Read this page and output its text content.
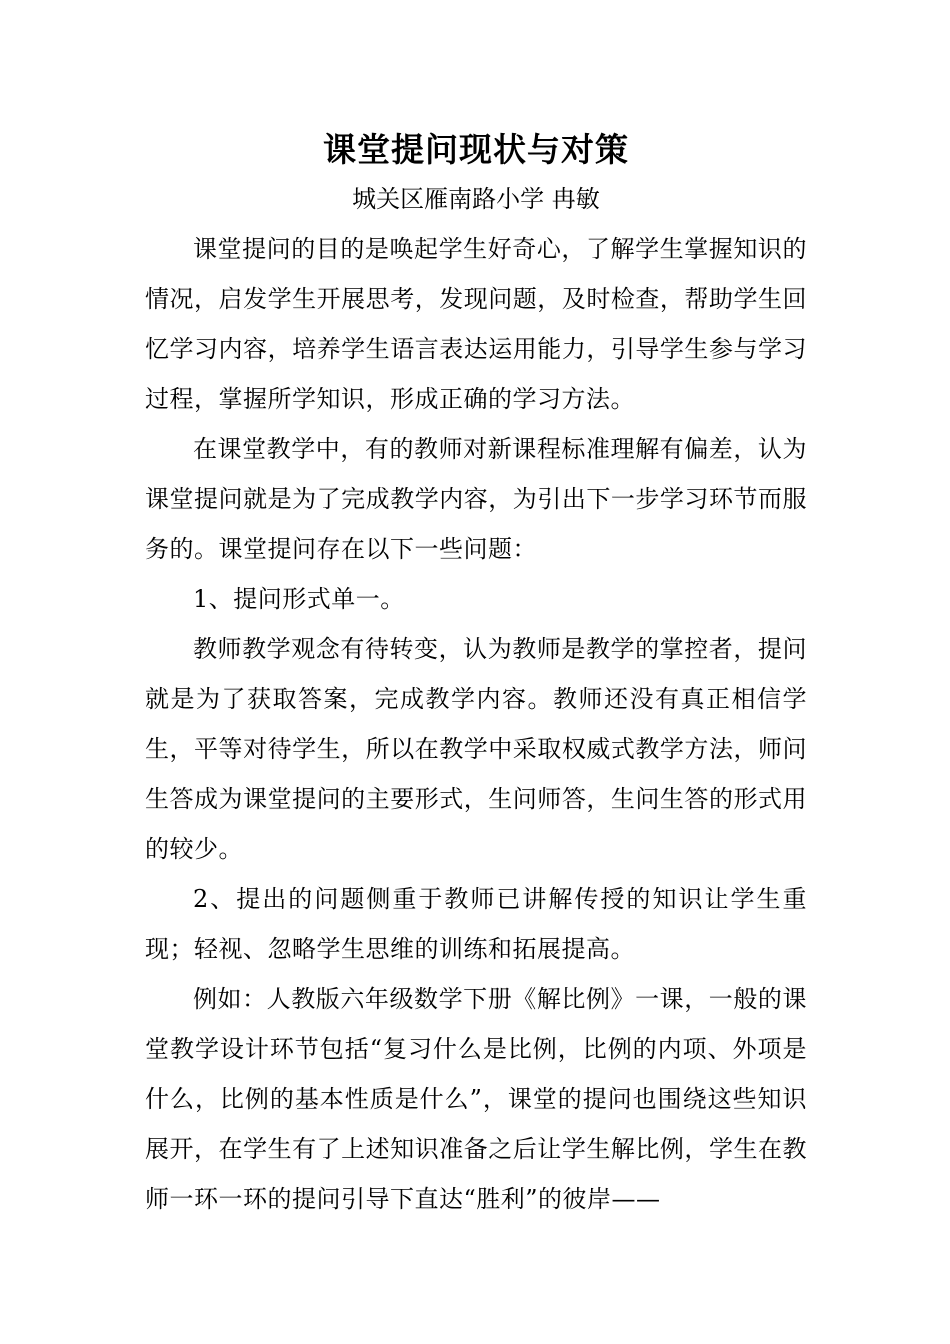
课堂提问现状与对策

城关区雁南路小学 冉敏

课堂提问的目的是唤起学生好奇心，了解学生掌握知识的情况，启发学生开展思考，发现问题，及时检查，帮助学生回忆学习内容，培养学生语言表达运用能力，引导学生参与学习过程，掌握所学知识，形成正确的学习方法。

在课堂教学中，有的教师对新课程标准理解有偏差，认为课堂提问就是为了完成教学内容，为引出下一步学习环节而服务的。课堂提问存在以下一些问题：

1、提问形式单一。

教师教学观念有待转变，认为教师是教学的掌控者，提问就是为了获取答案，完成教学内容。教师还没有真正相信学生，平等对待学生，所以在教学中采取权威式教学方法，师问生答成为课堂提问的主要形式，生问师答，生问生答的形式用的较少。

2、提出的问题侧重于教师已讲解传授的知识让学生重现；轻视、忽略学生思维的训练和拓展提高。

例如：人教版六年级数学下册《解比例》一课，一般的课堂教学设计环节包括“复习什么是比例，比例的内项、外项是什么，比例的基本性质是什么”，课堂的提问也围绕这些知识展开，在学生有了上述知识准备之后让学生解比例，学生在教师一环一环的提问引导下直达“胜利”的彼岸——
